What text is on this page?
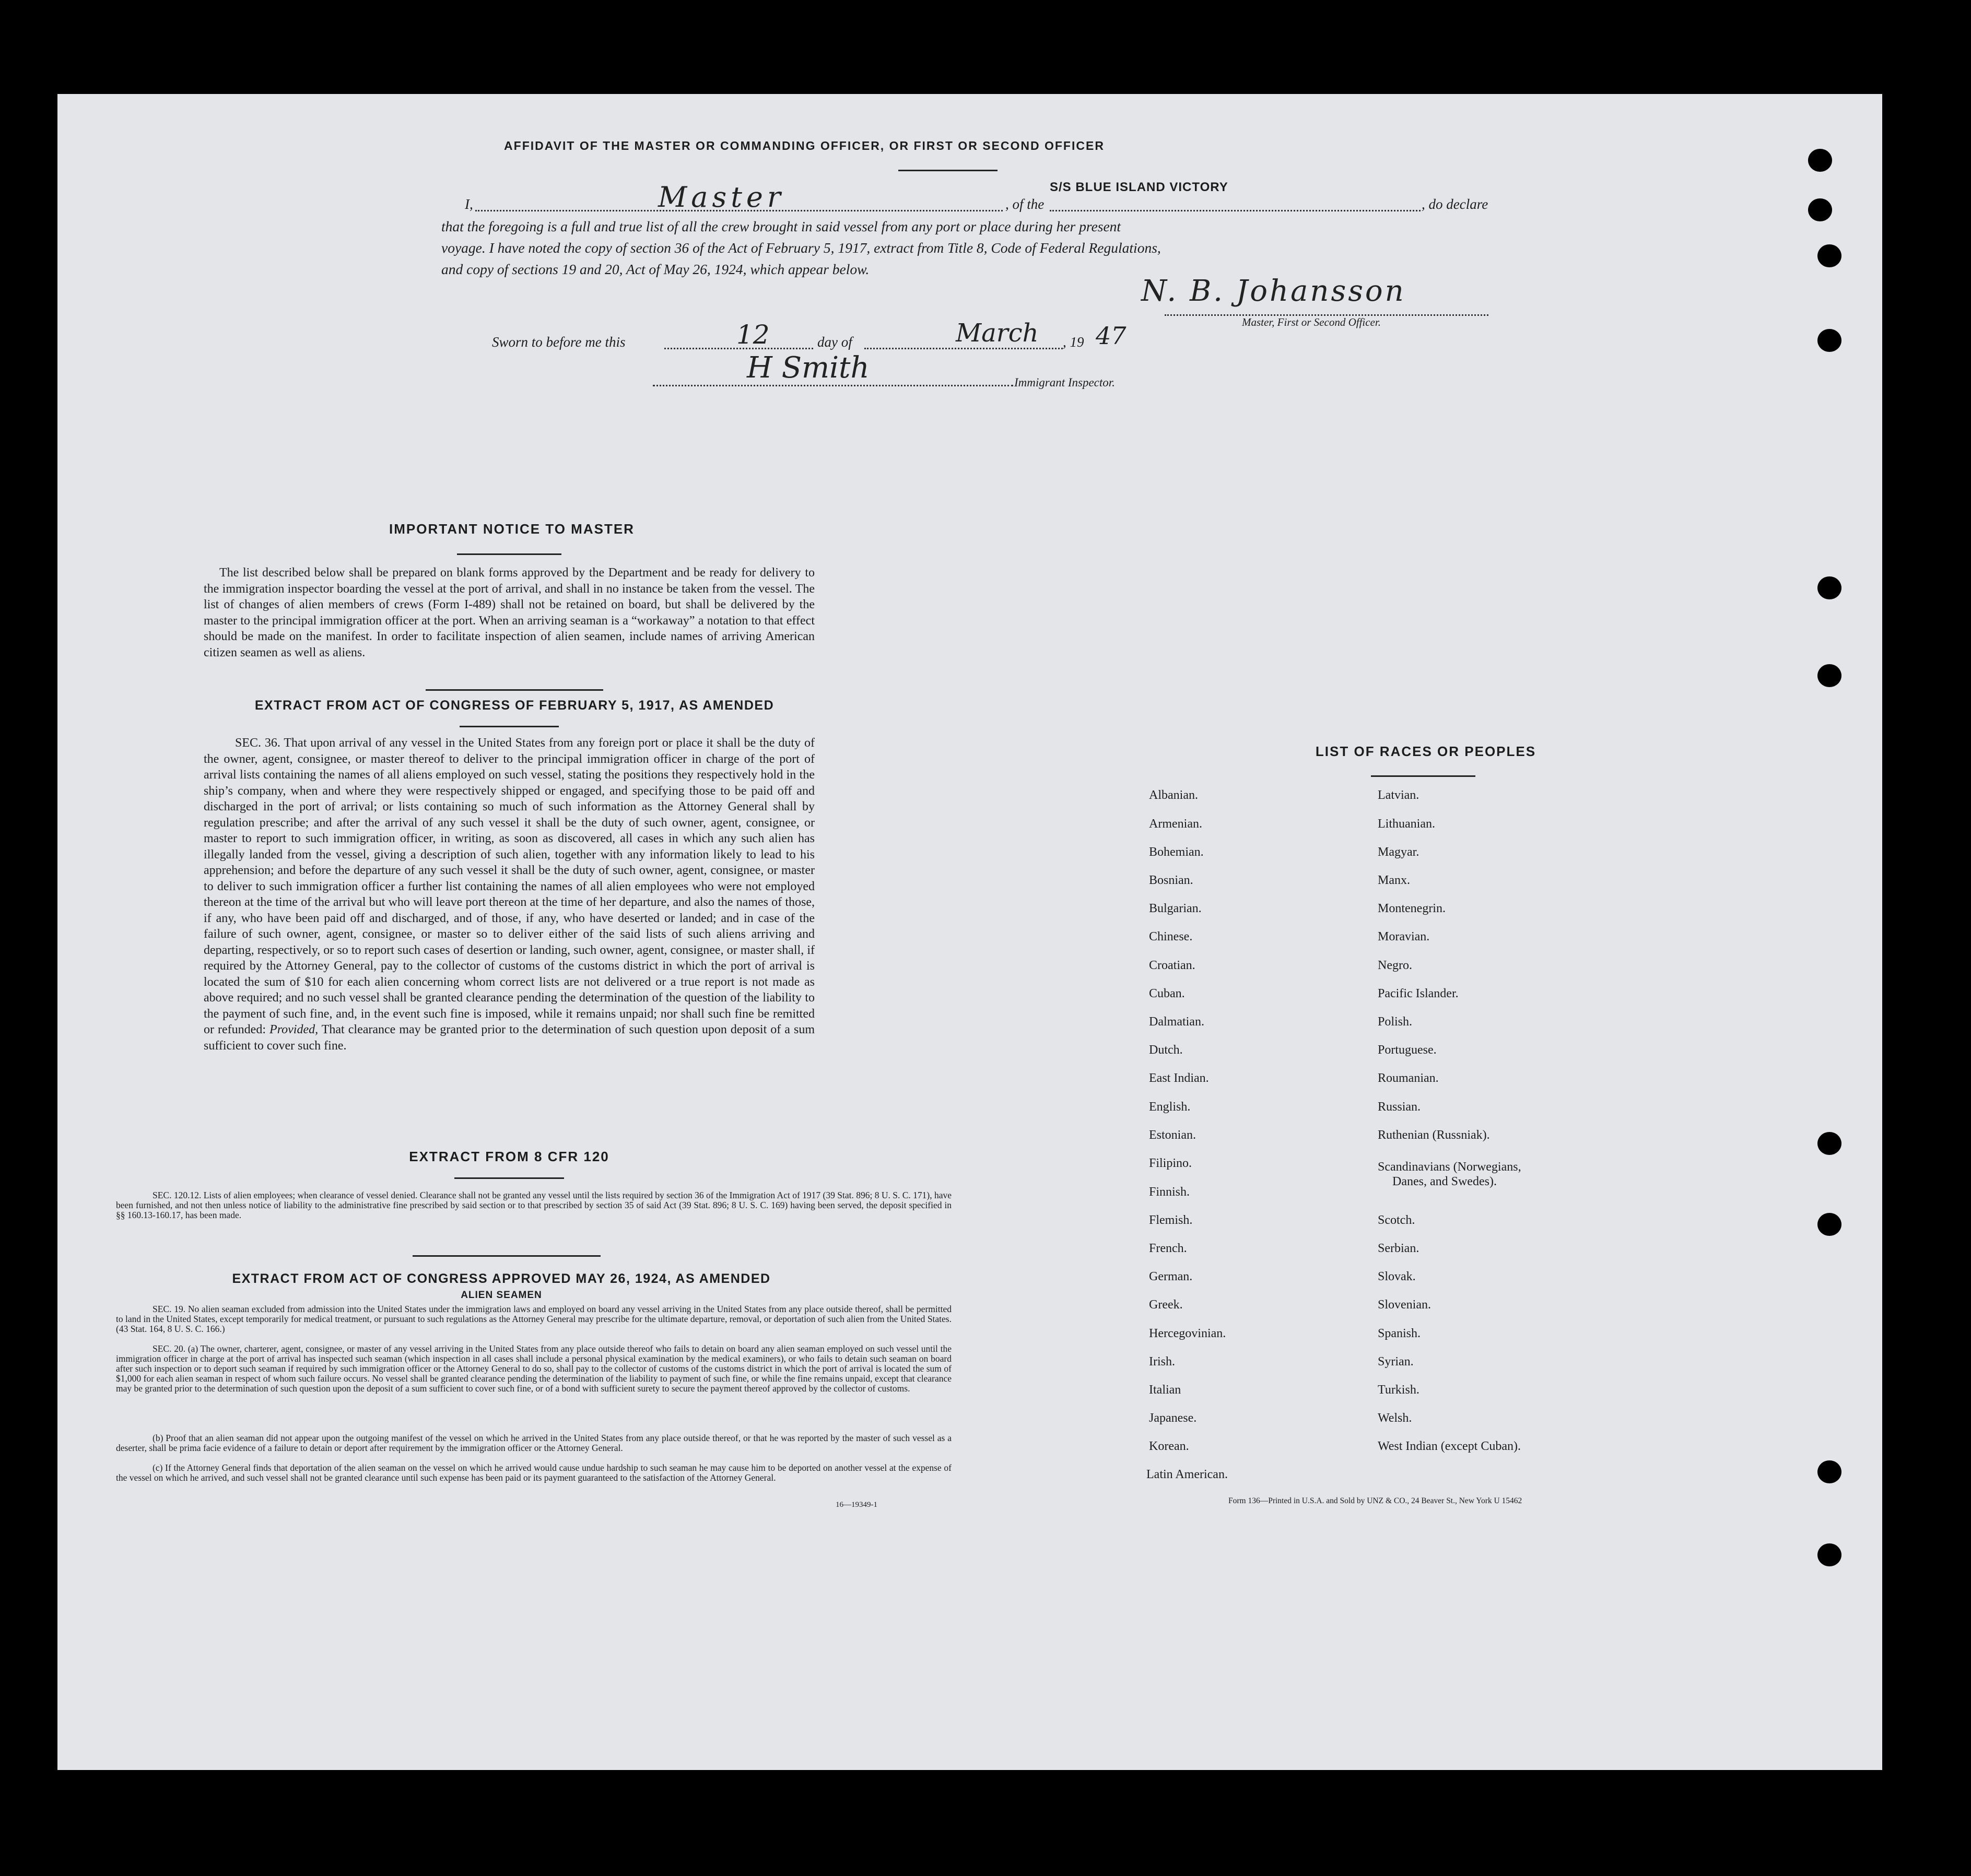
AFFIDAVIT OF THE MASTER OR COMMANDING OFFICER, OR FIRST OR SECOND OFFICER
I,	Master	, of the
S/S BLUE ISLAND VICTORY
, do declare
that the foregoing is a full and true list of all the crew brought in said vessel from any port or place during her present
voyage. I have noted the copy of section 36 of the Act of February 5, 1917, extract from Title 8, Code of Federal Regulations,
and copy of sections 19 and 20, Act of May 26, 1924, which appear below.
N. B. Johansson
Master, First or Second Officer.
Sworn to before me this	12	day of	March , 19 47
H Smith	Immigrant Inspector.
IMPORTANT NOTICE TO MASTER
The list described below shall be prepared on blank forms approved by the Department and be ready for delivery to the immigration inspector boarding the vessel at the port of arrival, and shall in no instance be taken from the vessel. The list of changes of alien members of crews (Form I-489) shall not be retained on board, but shall be delivered by the master to the principal immigration officer at the port. When an arriving seaman is a “workaway” a notation to that effect should be made on the manifest. In order to facilitate inspection of alien seamen, include names of arriving American citizen seamen as well as aliens.
EXTRACT FROM ACT OF CONGRESS OF FEBRUARY 5, 1917, AS AMENDED
SEC. 36. That upon arrival of any vessel in the United States from any foreign port or place it shall be the duty of the owner, agent, consignee, or master thereof to deliver to the principal immigration officer in charge of the port of arrival lists containing the names of all aliens employed on such vessel, stating the positions they respectively hold in the ship’s company, when and where they were respectively shipped or engaged, and specifying those to be paid off and discharged in the port of arrival; or lists containing so much of such information as the Attorney General shall by regulation prescribe; and after the arrival of any such vessel it shall be the duty of such owner, agent, consignee, or master to report to such immigration officer, in writing, as soon as discovered, all cases in which any such alien has illegally landed from the vessel, giving a description of such alien, together with any information likely to lead to his apprehension; and before the departure of any such vessel it shall be the duty of such owner, agent, consignee, or master to deliver to such immigration officer a further list containing the names of all alien employees who were not employed thereon at the time of the arrival but who will leave port thereon at the time of her departure, and also the names of those, if any, who have been paid off and discharged, and of those, if any, who have deserted or landed; and in case of the failure of such owner, agent, consignee, or master so to deliver either of the said lists of such aliens arriving and departing, respectively, or so to report such cases of desertion or landing, such owner, agent, consignee, or master shall, if required by the Attorney General, pay to the collector of customs of the customs district in which the port of arrival is located the sum of $10 for each alien concerning whom correct lists are not delivered or a true report is not made as above required; and no such vessel shall be granted clearance pending the determination of the question of the liability to the payment of such fine, and, in the event such fine is imposed, while it remains unpaid; nor shall such fine be remitted or refunded: Provided, That clearance may be granted prior to the determination of such question upon deposit of a sum sufficient to cover such fine.
EXTRACT FROM 8 CFR 120
SEC. 120.12. Lists of alien employees; when clearance of vessel denied. Clearance shall not be granted any vessel until the lists required by section 36 of the Immigration Act of 1917 (39 Stat. 896; 8 U. S. C. 171), have been furnished, and not then unless notice of liability to the administrative fine prescribed by said section or to that prescribed by section 35 of said Act (39 Stat. 896; 8 U. S. C. 169) having been served, the deposit specified in §§ 160.13-160.17, has been made.
EXTRACT FROM ACT OF CONGRESS APPROVED MAY 26, 1924, AS AMENDED
ALIEN SEAMEN
SEC. 19. No alien seaman excluded from admission into the United States under the immigration laws and employed on board any vessel arriving in the United States from any place outside thereof, shall be permitted to land in the United States, except temporarily for medical treatment, or pursuant to such regulations as the Attorney General may prescribe for the ultimate departure, removal, or deportation of such alien from the United States. (43 Stat. 164, 8 U. S. C. 166.)
SEC. 20. (a) The owner, charterer, agent, consignee, or master of any vessel arriving in the United States from any place outside thereof who fails to detain on board any alien seaman employed on such vessel until the immigration officer in charge at the port of arrival has inspected such seaman (which inspection in all cases shall include a personal physical examination by the medical examiners), or who fails to detain such seaman on board after such inspection or to deport such seaman if required by such immigration officer or the Attorney General to do so, shall pay to the collector of customs of the customs district in which the port of arrival is located the sum of $1,000 for each alien seaman in respect of whom such failure occurs. No vessel shall be granted clearance pending the determination of the liability to payment of such fine, or while the fine remains unpaid, except that clearance may be granted prior to the determination of such question upon the deposit of a sum sufficient to cover such fine, or of a bond with sufficient surety to secure the payment thereof approved by the collector of customs.
(b) Proof that an alien seaman did not appear upon the outgoing manifest of the vessel on which he arrived in the United States from any place outside thereof, or that he was reported by the master of such vessel as a deserter, shall be prima facie evidence of a failure to detain or deport after requirement by the immigration officer or the Attorney General.
(c) If the Attorney General finds that deportation of the alien seaman on the vessel on which he arrived would cause undue hardship to such seaman he may cause him to be deported on another vessel at the expense of the vessel on which he arrived, and such vessel shall not be granted clearance until such expense has been paid or its payment guaranteed to the satisfaction of the Attorney General.
16—19349-1
LIST OF RACES OR PEOPLES
Albanian.
Armenian.
Bohemian.
Bosnian.
Bulgarian.
Chinese.
Croatian.
Cuban.
Dalmatian.
Dutch.
East Indian.
English.
Estonian.
Filipino.
Finnish.
Flemish.
French.
German.
Greek.
Hercegovinian.
Irish.
Italian
Japanese.
Korean.
Latin American.
Latvian.
Lithuanian.
Magyar.
Manx.
Montenegrin.
Moravian.
Negro.
Pacific Islander.
Polish.
Portuguese.
Roumanian.
Russian.
Ruthenian (Russniak).
Scandinavians (Norwegians,
Danes, and Swedes).
Scotch.
Serbian.
Slovak.
Slovenian.
Spanish.
Syrian.
Turkish.
Welsh.
West Indian (except Cuban).
Form 136—Printed in U.S.A. and Sold by UNZ & CO., 24 Beaver St., New York U 15462
